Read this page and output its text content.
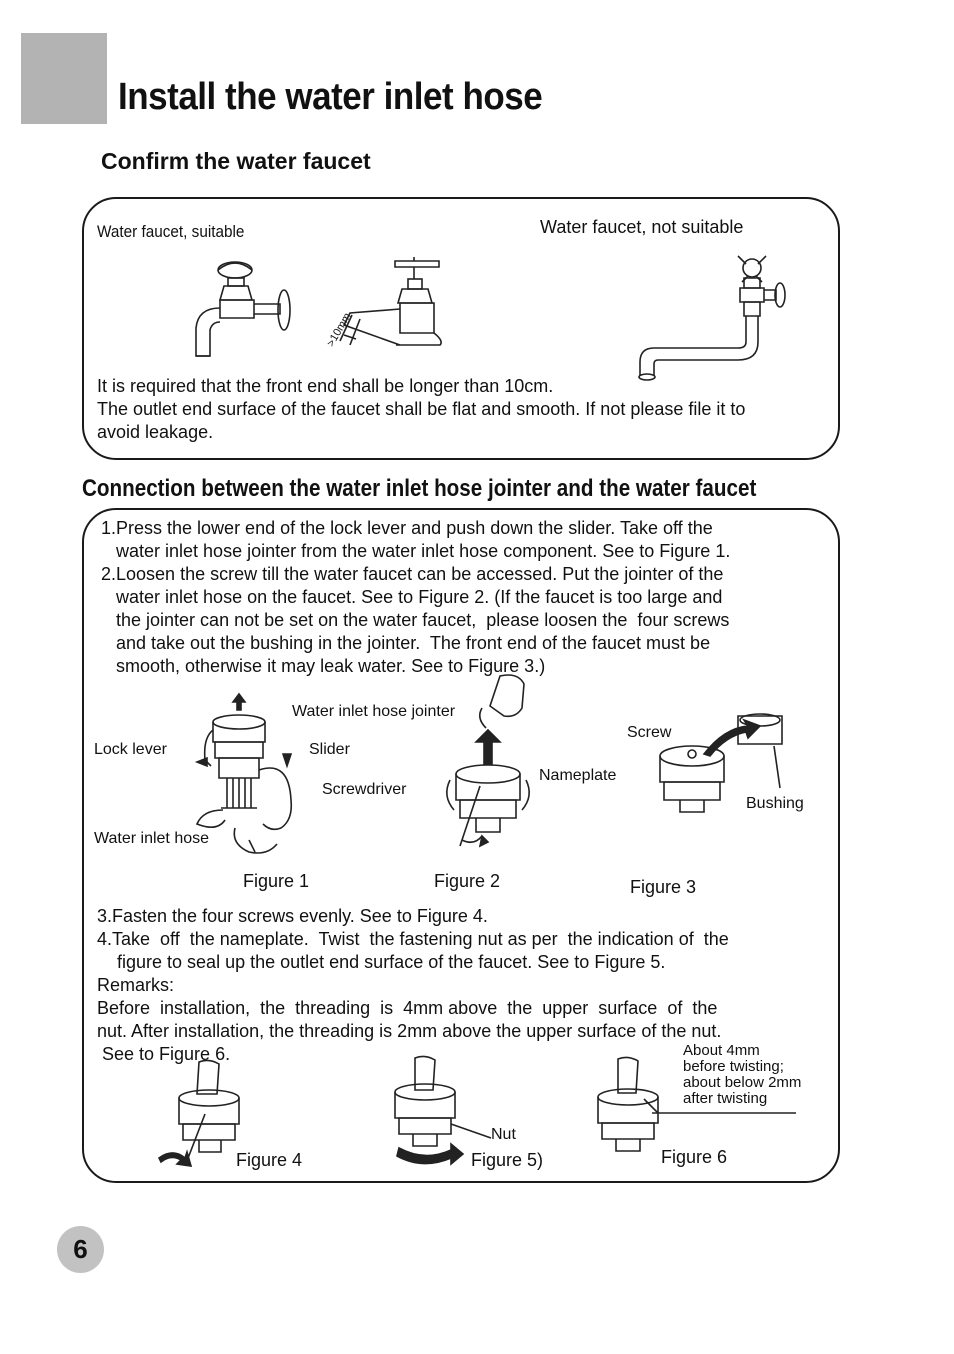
Install the water inlet hose
Confirm the water faucet
Water faucet, suitable	Water faucet, not suitable
>10mm
It is required that the front end shall be longer than 10cm.
The outlet end surface of the faucet shall be flat and smooth. If not please file it to
avoid leakage.
Connection between the water inlet hose jointer and the water faucet
1.Press the lower end of the lock lever and push down the slider. Take off the
water inlet hose jointer from the water inlet hose component. See to Figure 1.
2.Loosen the screw till the water faucet can be accessed. Put the jointer of the
water inlet hose on the faucet. See to Figure 2. (If the faucet is too large and
the jointer can not be set on the water faucet,  please loosen the  four screws
and take out the bushing in the jointer.  The front end of the faucet must be
smooth, otherwise it may leak water. See to Figure 3.)
Water inlet hose jointer
Lock lever	Slider
Water inlet hose
Figure 1
Screwdriver
Nameplate
Figure 2
Screw
Bushing
Figure 3
3.Fasten the four screws evenly. See to Figure 4.
4.Take  off  the nameplate.  Twist  the fastening nut as per  the indication of  the
figure to seal up the outlet end surface of the faucet. See to Figure 5.
Remarks:
Before  installation,  the  threading  is  4mm above  the  upper  surface  of  the
nut. After installation, the threading is 2mm above the upper surface of the nut.
See to Figure 6.
Figure 4
Nut
Figure 5)
About 4mm
before twisting;
about below 2mm
after twisting
Figure 6
6
